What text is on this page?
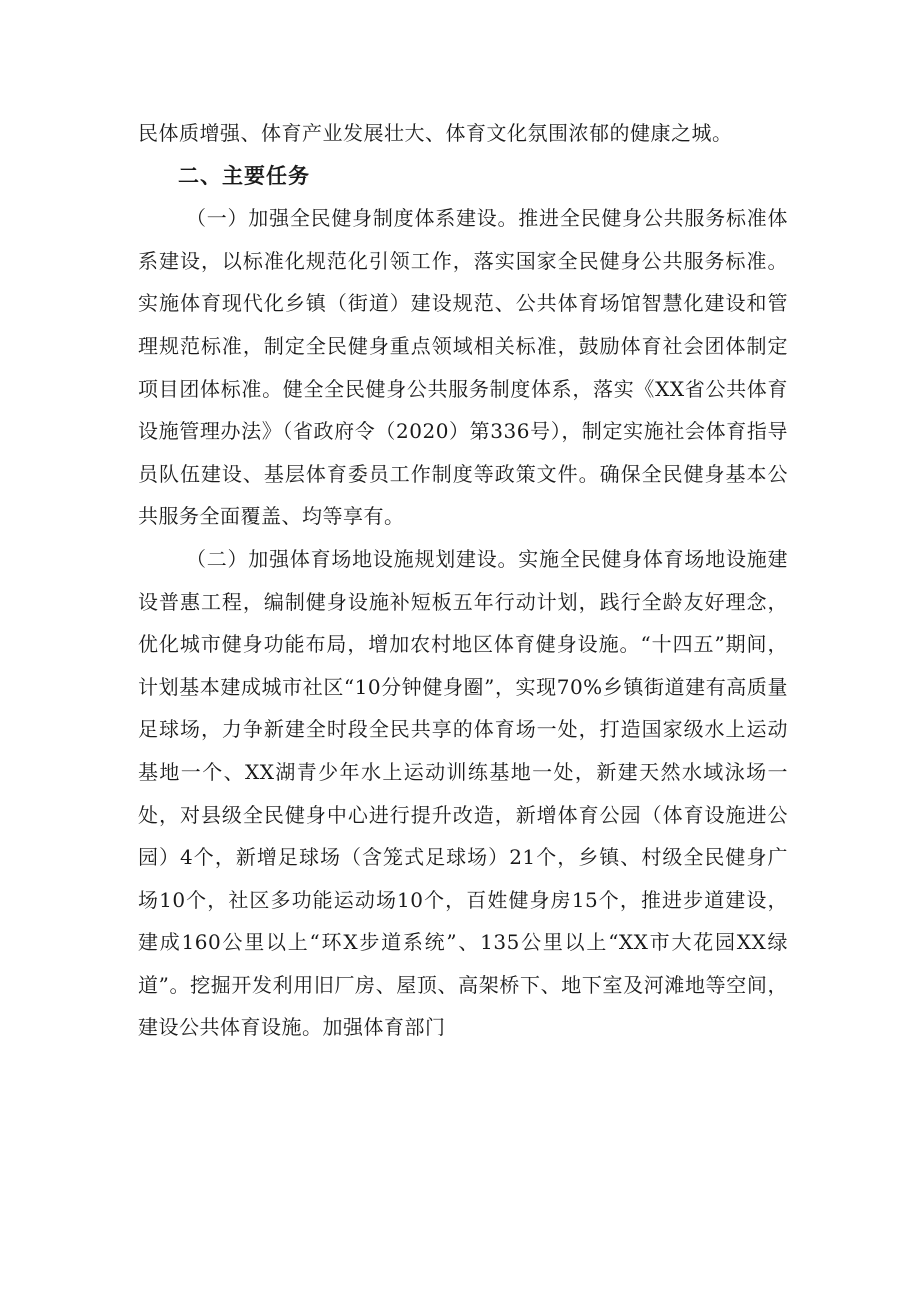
民体质增强、体育产业发展壮大、体育文化氛围浓郁的健康之城。

二、主要任务

（一）加强全民健身制度体系建设。推进全民健身公共服务标准体系建设，以标准化规范化引领工作，落实国家全民健身公共服务标准。实施体育现代化乡镇（街道）建设规范、公共体育场馆智慧化建设和管理规范标准，制定全民健身重点领域相关标准，鼓励体育社会团体制定项目团体标准。健全全民健身公共服务制度体系，落实《XX省公共体育设施管理办法》（省政府令（2020）第336号），制定实施社会体育指导员队伍建设、基层体育委员工作制度等政策文件。确保全民健身基本公共服务全面覆盖、均等享有。

（二）加强体育场地设施规划建设。实施全民健身体育场地设施建设普惠工程，编制健身设施补短板五年行动计划，践行全龄友好理念，优化城市健身功能布局，增加农村地区体育健身设施。“十四五”期间，计划基本建成城市社区“10分钟健身圈”，实现70%乡镇街道建有高质量足球场，力争新建全时段全民共享的体育场一处，打造国家级水上运动基地一个、XX湖青少年水上运动训练基地一处，新建天然水域泳场一处，对县级全民健身中心进行提升改造，新增体育公园（体育设施进公园）4个，新增足球场（含笼式足球场）21个，乡镇、村级全民健身广场10个，社区多功能运动场10个，百姓健身房15个，推进步道建设，建成160公里以上“环X步道系统”、135公里以上“XX市大花园XX绿道”。挖掘开发利用旧厂房、屋顶、高架桥下、地下室及河滩地等空间，建设公共体育设施。加强体育部门
